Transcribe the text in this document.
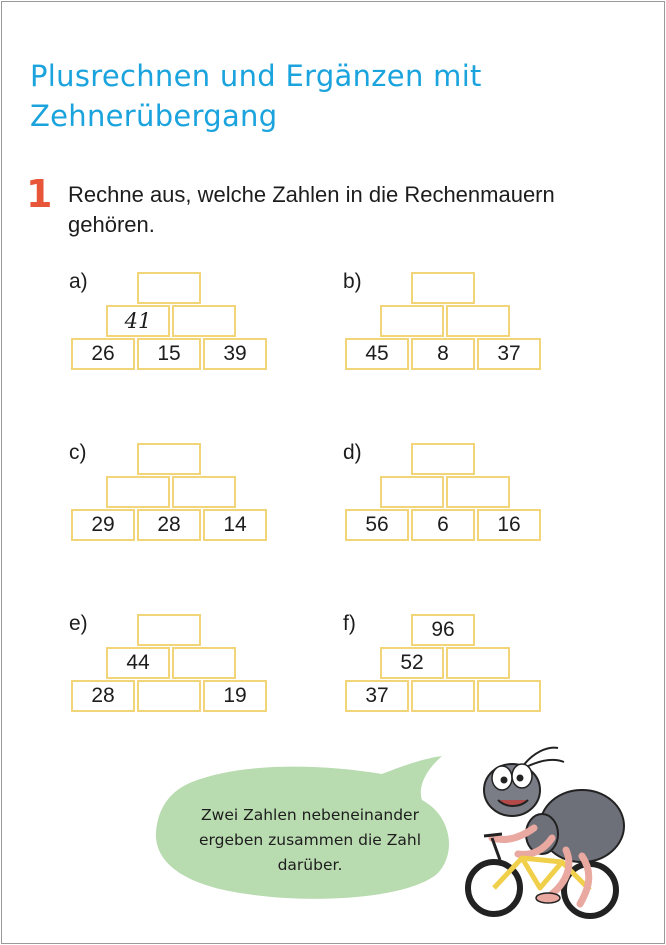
Plusrechnen und Ergänzen mit Zehnerübergang
1 Rechne aus, welche Zahlen in die Rechenmauern gehören.
a)
41
26	15	39
b)
45	8	37
c)
29	28	14
d)
56	6	16
e)
44
28	19
f)	96
52
37
Zwei Zahlen nebeneinander
ergeben zusammen die Zahl
darüber.
